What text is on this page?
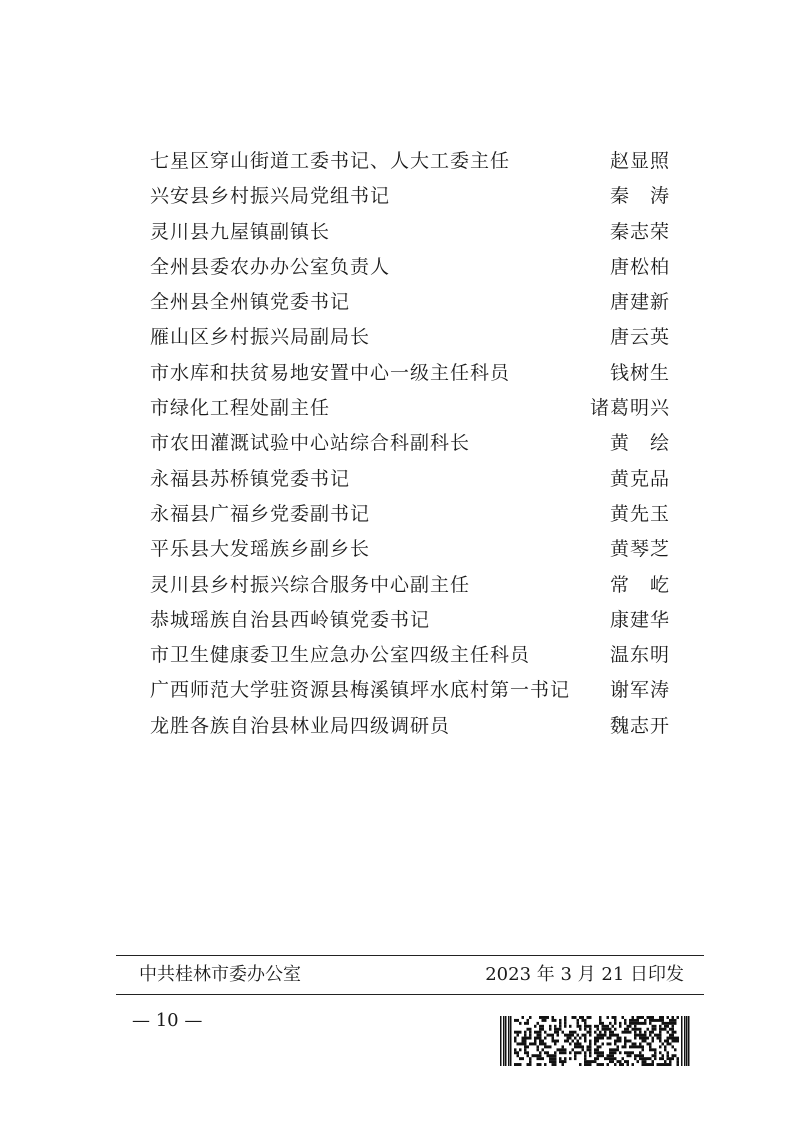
七星区穿山街道工委书记、人大工委主任	赵显照
兴安县乡村振兴局党组书记	秦　涛
灵川县九屋镇副镇长	秦志荣
全州县委农办办公室负责人	唐松柏
全州县全州镇党委书记	唐建新
雁山区乡村振兴局副局长	唐云英
市水库和扶贫易地安置中心一级主任科员	钱树生
市绿化工程处副主任	诸葛明兴
市农田灌溉试验中心站综合科副科长	黄　绘
永福县苏桥镇党委书记	黄克品
永福县广福乡党委副书记	黄先玉
平乐县大发瑶族乡副乡长	黄琴芝
灵川县乡村振兴综合服务中心副主任	常　屹
恭城瑶族自治县西岭镇党委书记	康建华
市卫生健康委卫生应急办公室四级主任科员	温东明
广西师范大学驻资源县梅溪镇坪水底村第一书记 谢军涛
龙胜各族自治县林业局四级调研员	魏志开
中共桂林市委办公室	2023 年 3 月 21 日印发
— 10 —
